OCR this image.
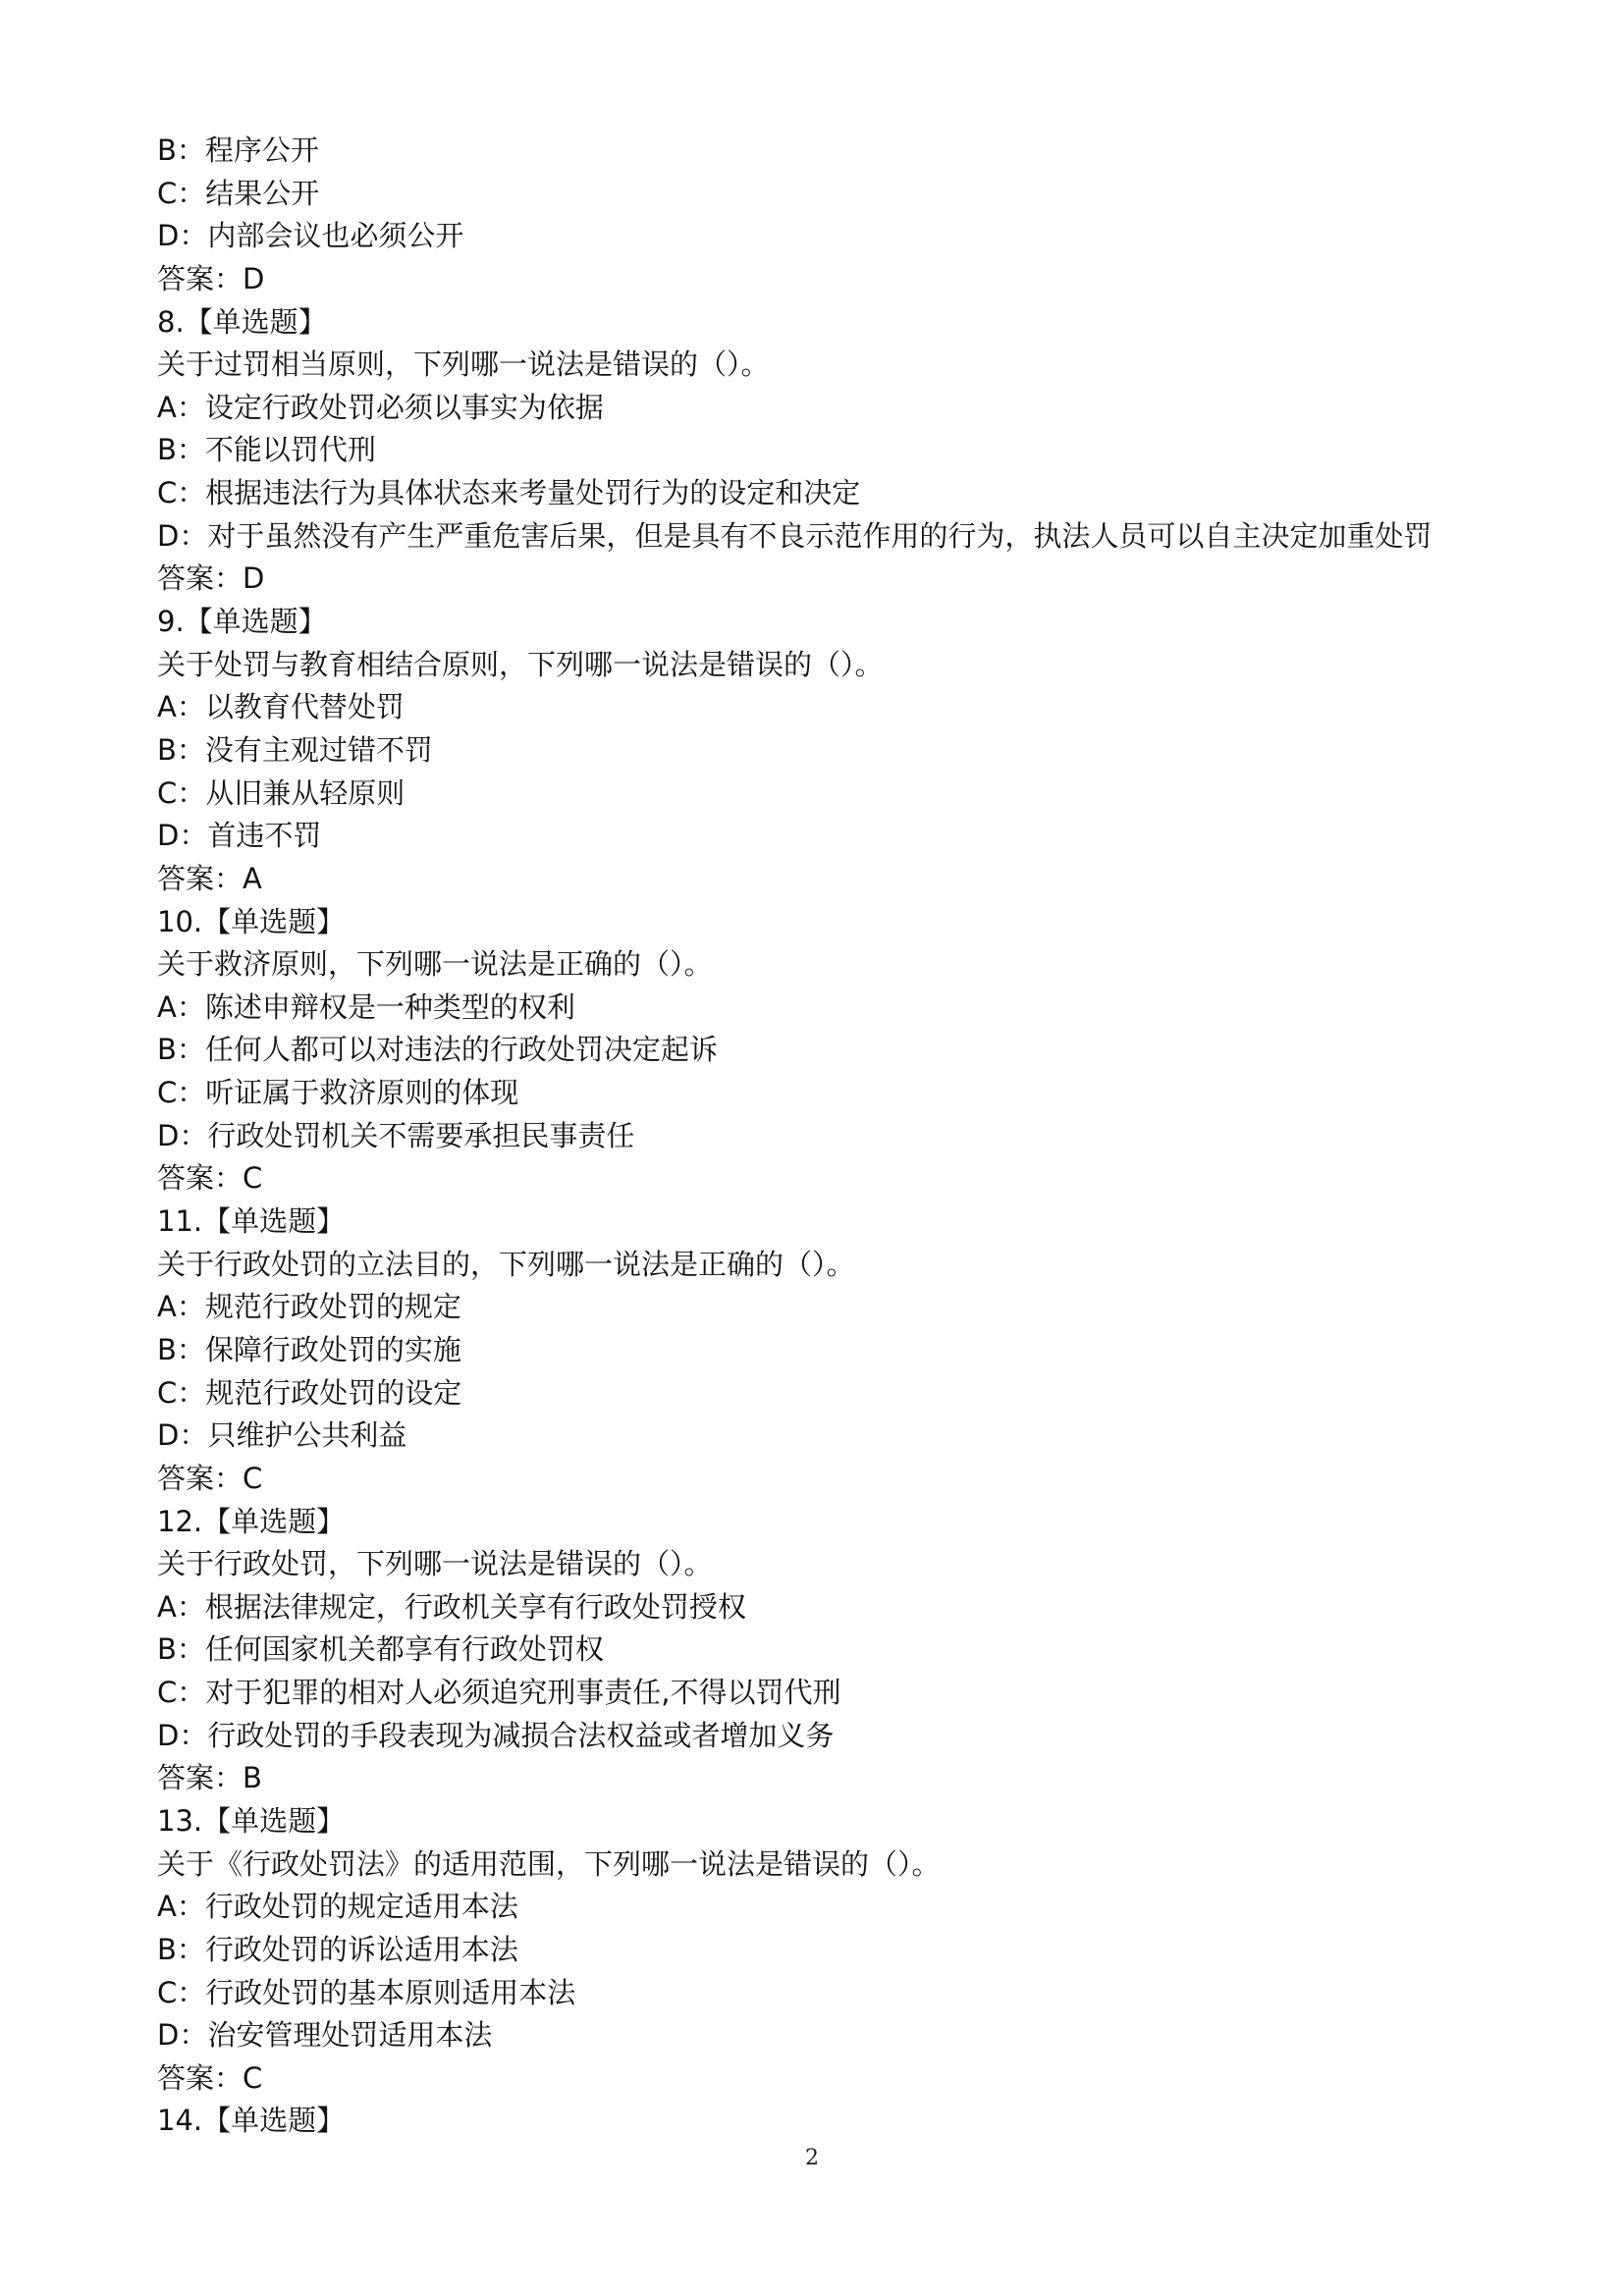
B：程序公开
C：结果公开
D：内部会议也必须公开
答案：D
8.【单选题】
关于过罚相当原则，下列哪一说法是错误的（）。
A：设定行政处罚必须以事实为依据
B：不能以罚代刑
C：根据违法行为具体状态来考量处罚行为的设定和决定
D：对于虽然没有产生严重危害后果，但是具有不良示范作用的行为，执法人员可以自主决定加重处罚
答案：D
9.【单选题】
关于处罚与教育相结合原则，下列哪一说法是错误的（）。
A：以教育代替处罚
B：没有主观过错不罚
C：从旧兼从轻原则
D：首违不罚
答案：A
10.【单选题】
关于救济原则，下列哪一说法是正确的（）。
A：陈述申辩权是一种类型的权利
B：任何人都可以对违法的行政处罚决定起诉
C：听证属于救济原则的体现
D：行政处罚机关不需要承担民事责任
答案：C
11.【单选题】
关于行政处罚的立法目的，下列哪一说法是正确的（）。
A：规范行政处罚的规定
B：保障行政处罚的实施
C：规范行政处罚的设定
D：只维护公共利益
答案：C
12.【单选题】
关于行政处罚，下列哪一说法是错误的（）。
A：根据法律规定，行政机关享有行政处罚授权
B：任何国家机关都享有行政处罚权
C：对于犯罪的相对人必须追究刑事责任,不得以罚代刑
D：行政处罚的手段表现为减损合法权益或者增加义务
答案：B
13.【单选题】
关于《行政处罚法》的适用范围，下列哪一说法是错误的（）。
A：行政处罚的规定适用本法
B：行政处罚的诉讼适用本法
C：行政处罚的基本原则适用本法
D：治安管理处罚适用本法
答案：C
14.【单选题】
2
